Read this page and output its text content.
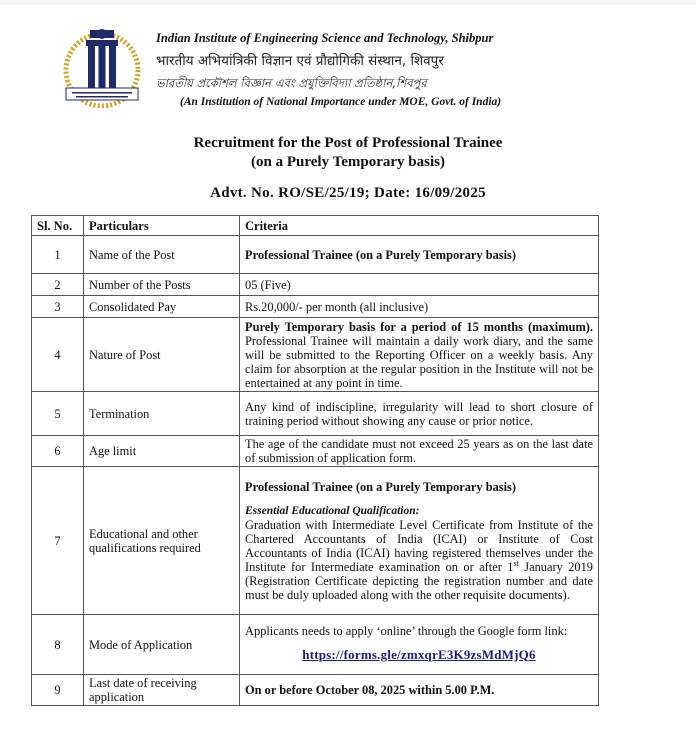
Indian Institute of Engineering Science and Technology, Shibpur
भारतीय अभियांत्रिकी विज्ञान एवं प्रौद्योगिकी संस्थान, शिवपुर
ভারতীয় প্রকৌশল বিজ্ঞান এবং প্রযুক্তিবিদ্যা প্রতিষ্ঠান,শিবপুর
(An Institution of National Importance under MOE, Govt. of India)
Recruitment for the Post of Professional Trainee
(on a Purely Temporary basis)
Advt. No. RO/SE/25/19; Date: 16/09/2025
Sl. No.	Particulars	Criteria
1	Name of the Post	Professional Trainee (on a Purely Temporary basis)
2	Number of the Posts	05 (Five)
3	Consolidated Pay	Rs.20,000/- per month (all inclusive)
4	Nature of Post	Purely Temporary basis for a period of 15 months (maximum). Professional Trainee will maintain a daily work diary, and the same will be submitted to the Reporting Officer on a weekly basis. Any claim for absorption at the regular position in the Institute will not be entertained at any point in time.
5	Termination	Any kind of indiscipline, irregularity will lead to short closure of training period without showing any cause or prior notice.
6	Age limit	The age of the candidate must not exceed 25 years as on the last date of submission of application form.
7	Educational and other qualifications required	Professional Trainee (on a Purely Temporary basis)
Essential Educational Qualification:
Graduation with Intermediate Level Certificate from Institute of the Chartered Accountants of India (ICAI) or Institute of Cost Accountants of India (ICAI) having registered themselves under the Institute for Intermediate examination on or after 1st January 2019 (Registration Certificate depicting the registration number and date must be duly uploaded along with the other requisite documents).

8	Mode of Application	Applicants needs to apply ‘online’ through the Google form link:
https://forms.gle/zmxqrE3K9zsMdMjQ6

9	Last date of receiving application	On or before October 08, 2025 within 5.00 P.M.
